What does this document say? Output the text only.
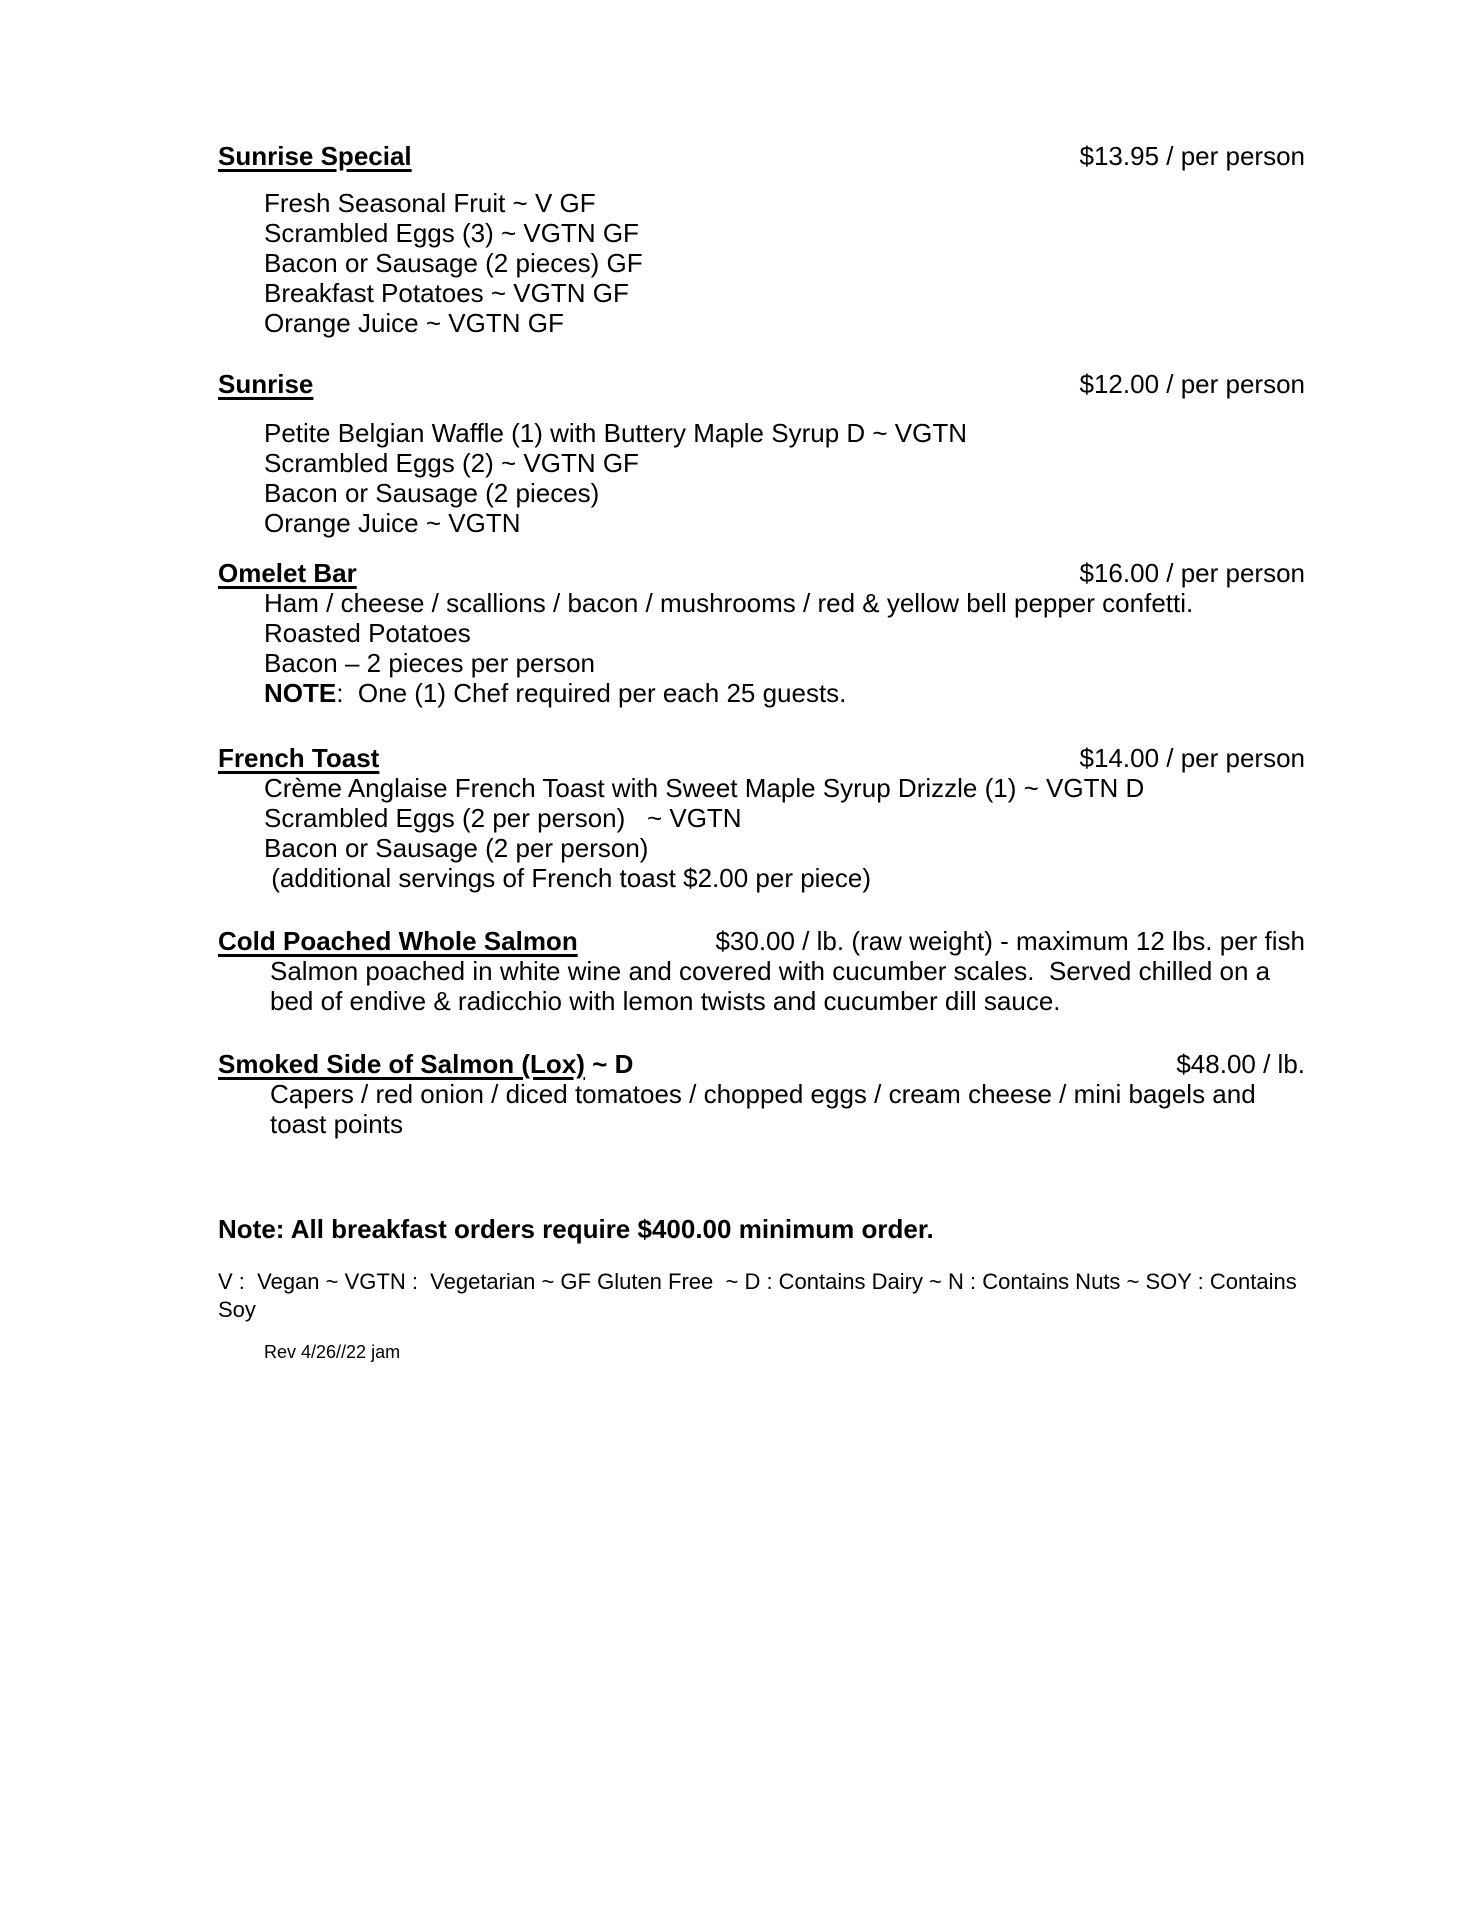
Sunrise Special	$13.95 / per person
Fresh Seasonal Fruit ~ V GF
Scrambled Eggs (3) ~ VGTN GF
Bacon or Sausage (2 pieces) GF
Breakfast Potatoes ~ VGTN GF
Orange Juice ~ VGTN GF
Sunrise	$12.00 / per person
Petite Belgian Waffle (1) with Buttery Maple Syrup D ~ VGTN
Scrambled Eggs (2) ~ VGTN GF
Bacon or Sausage (2 pieces)
Orange Juice ~ VGTN
Omelet Bar	$16.00 / per person
Ham / cheese / scallions / bacon / mushrooms / red & yellow bell pepper confetti.
Roasted Potatoes
Bacon – 2 pieces per person
NOTE:  One (1) Chef required per each 25 guests.
French Toast	$14.00 / per person
Crème Anglaise French Toast with Sweet Maple Syrup Drizzle (1) ~ VGTN D
Scrambled Eggs (2 per person)   ~ VGTN
Bacon or Sausage (2 per person)
(additional servings of French toast $2.00 per piece)
Cold Poached Whole Salmon	$30.00 / lb. (raw weight) - maximum 12 lbs. per fish
Salmon poached in white wine and covered with cucumber scales.  Served chilled on a bed of endive & radicchio with lemon twists and cucumber dill sauce.
Smoked Side of Salmon (Lox) ~ D	$48.00 / lb.
Capers / red onion / diced tomatoes / chopped eggs / cream cheese / mini bagels and toast points

Note: All breakfast orders require $400.00 minimum order.

V :  Vegan ~ VGTN :  Vegetarian ~ GF Gluten Free  ~ D : Contains Dairy ~ N : Contains Nuts ~ SOY : Contains
Soy

Rev 4/26//22 jam
